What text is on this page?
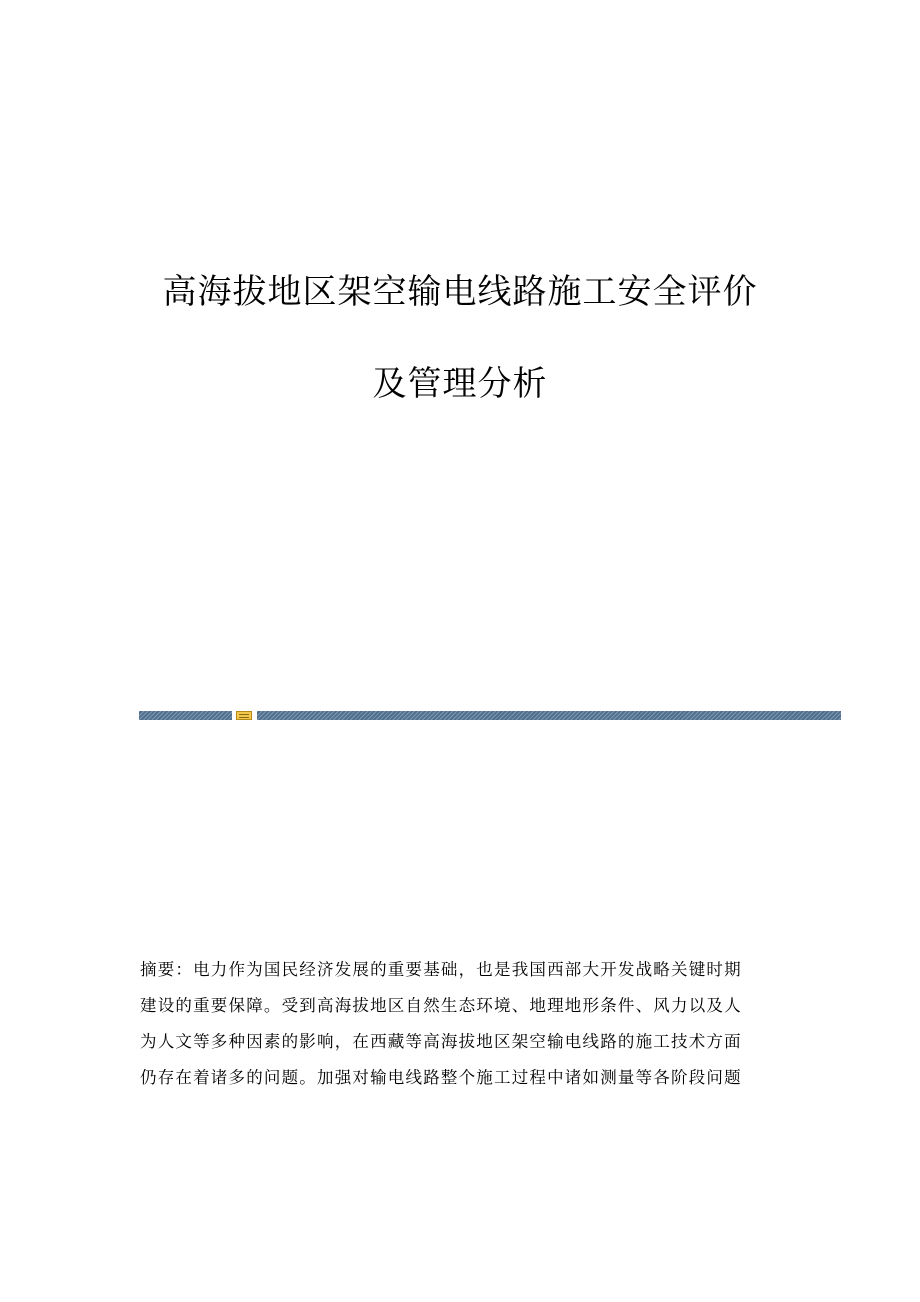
高海拔地区架空输电线路施工安全评价
及管理分析

摘要：电力作为国民经济发展的重要基础，也是我国西部大开发战略关键时期

建设的重要保障。受到高海拔地区自然生态环境、地理地形条件、风力以及人

为人文等多种因素的影响，在西藏等高海拔地区架空输电线路的施工技术方面

仍存在着诸多的问题。加强对输电线路整个施工过程中诸如测量等各阶段问题
